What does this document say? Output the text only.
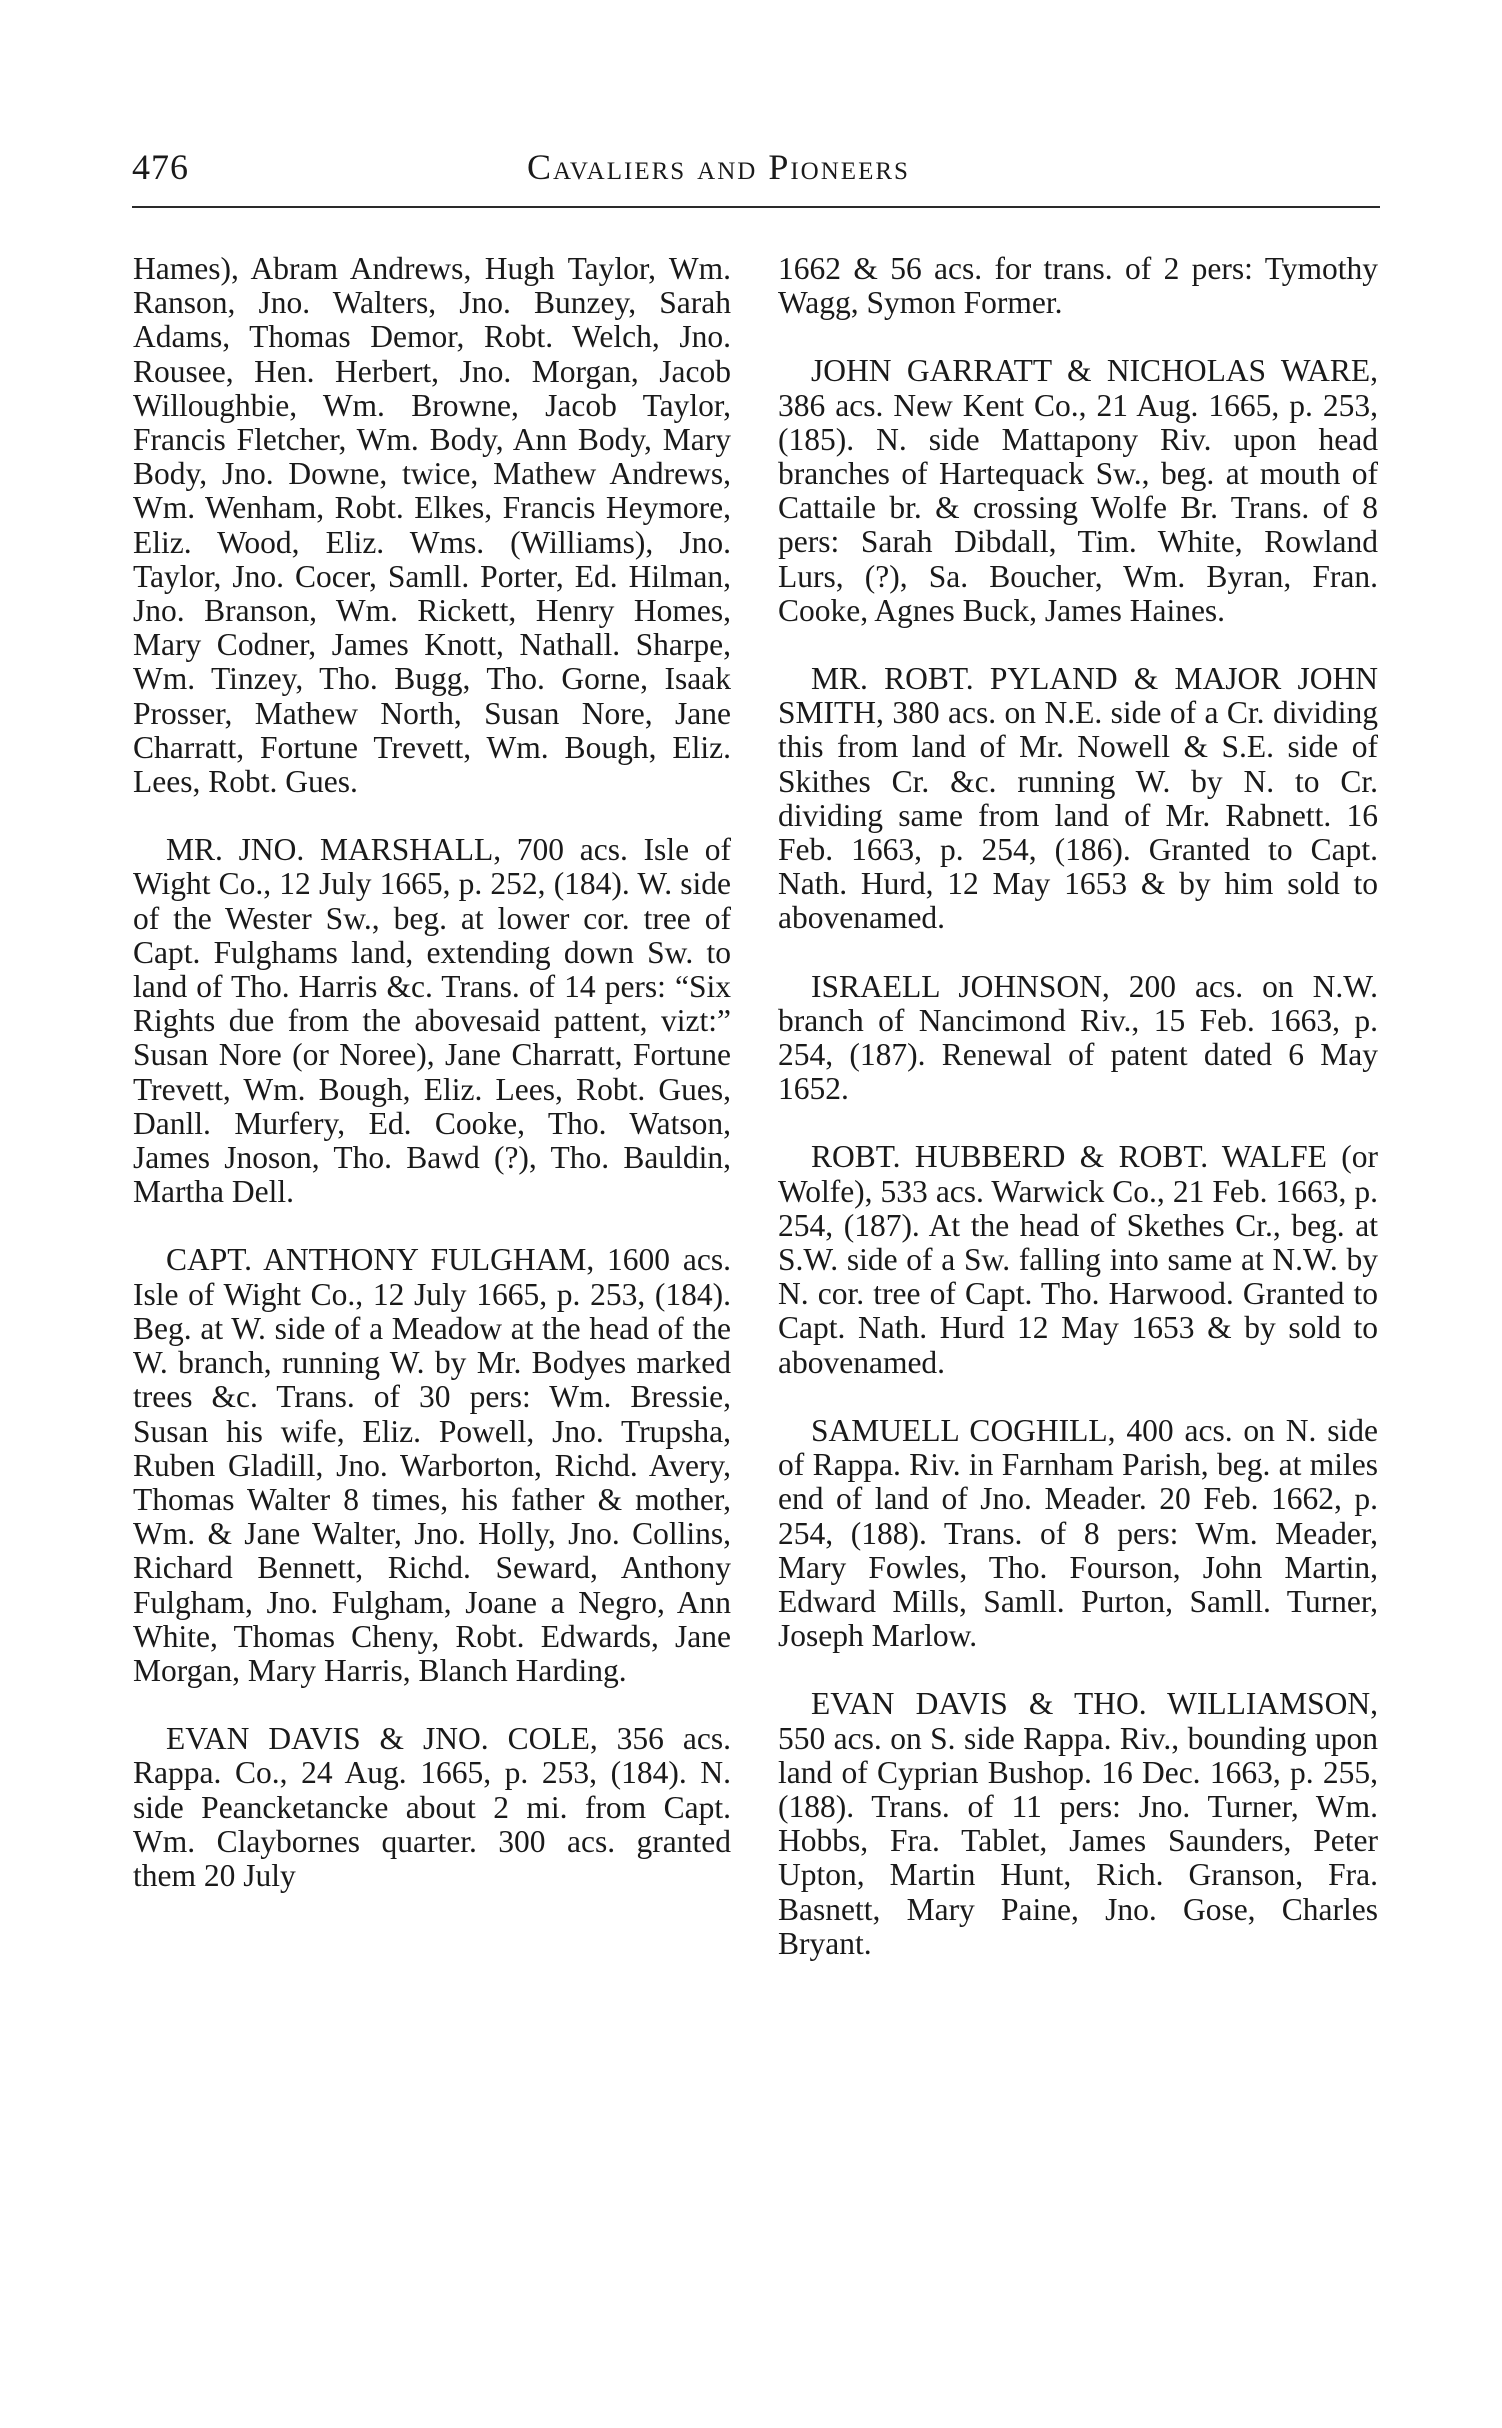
476	Cavaliers and Pioneers

Hames), Abram Andrews, Hugh Taylor, Wm. Ranson, Jno. Walters, Jno. Bunzey, Sarah Adams, Thomas Demor, Robt. Welch, Jno. Rousee, Hen. Herbert, Jno. Morgan, Jacob Willoughbie, Wm. Browne, Jacob Taylor, Francis Fletcher, Wm. Body, Ann Body, Mary Body, Jno. Downe, twice, Mathew Andrews, Wm. Wenham, Robt. Elkes, Francis Heymore, Eliz. Wood, Eliz. Wms. (Williams), Jno. Taylor, Jno. Cocer, Samll. Porter, Ed. Hilman, Jno. Branson, Wm. Rickett, Henry Homes, Mary Codner, James Knott, Nathall. Sharpe, Wm. Tinzey, Tho. Bugg, Tho. Gorne, Isaak Prosser, Mathew North, Susan Nore, Jane Charratt, Fortune Trevett, Wm. Bough, Eliz. Lees, Robt. Gues.

MR. JNO. MARSHALL, 700 acs. Isle of Wight Co., 12 July 1665, p. 252, (184). W. side of the Wester Sw., beg. at lower cor. tree of Capt. Fulghams land, extending down Sw. to land of Tho. Harris &c. Trans. of 14 pers: “Six Rights due from the abovesaid pattent, vizt:” Susan Nore (or Noree), Jane Charratt, Fortune Trevett, Wm. Bough, Eliz. Lees, Robt. Gues, Danll. Murfery, Ed. Cooke, Tho. Watson, James Jnoson, Tho. Bawd (?), Tho. Bauldin, Martha Dell.

CAPT. ANTHONY FULGHAM, 1600 acs. Isle of Wight Co., 12 July 1665, p. 253, (184). Beg. at W. side of a Meadow at the head of the W. branch, running W. by Mr. Bodyes marked trees &c. Trans. of 30 pers: Wm. Bressie, Susan his wife, Eliz. Powell, Jno. Trupsha, Ruben Gladill, Jno. Warborton, Richd. Avery, Thomas Walter 8 times, his father & mother, Wm. & Jane Walter, Jno. Holly, Jno. Collins, Richard Bennett, Richd. Seward, Anthony Fulgham, Jno. Fulgham, Joane a Negro, Ann White, Thomas Cheny, Robt. Edwards, Jane Morgan, Mary Harris, Blanch Harding.

EVAN DAVIS & JNO. COLE, 356 acs. Rappa. Co., 24 Aug. 1665, p. 253, (184). N. side Peancketancke about 2 mi. from Capt. Wm. Claybornes quarter. 300 acs. granted them 20 July

1662 & 56 acs. for trans. of 2 pers: Tymothy Wagg, Symon Former.

JOHN GARRATT & NICHOLAS WARE, 386 acs. New Kent Co., 21 Aug. 1665, p. 253, (185). N. side Mattapony Riv. upon head branches of Hartequack Sw., beg. at mouth of Cattaile br. & crossing Wolfe Br. Trans. of 8 pers: Sarah Dibdall, Tim. White, Rowland Lurs, (?), Sa. Boucher, Wm. Byran, Fran. Cooke, Agnes Buck, James Haines.

MR. ROBT. PYLAND & MAJOR JOHN SMITH, 380 acs. on N.E. side of a Cr. dividing this from land of Mr. Nowell & S.E. side of Skithes Cr. &c. running W. by N. to Cr. dividing same from land of Mr. Rabnett. 16 Feb. 1663, p. 254, (186). Granted to Capt. Nath. Hurd, 12 May 1653 & by him sold to abovenamed.

ISRAELL JOHNSON, 200 acs. on N.W. branch of Nancimond Riv., 15 Feb. 1663, p. 254, (187). Renewal of patent dated 6 May 1652.

ROBT. HUBBERD & ROBT. WALFE (or Wolfe), 533 acs. Warwick Co., 21 Feb. 1663, p. 254, (187). At the head of Skethes Cr., beg. at S.W. side of a Sw. falling into same at N.W. by N. cor. tree of Capt. Tho. Harwood. Granted to Capt. Nath. Hurd 12 May 1653 & by sold to abovenamed.

SAMUELL COGHILL, 400 acs. on N. side of Rappa. Riv. in Farnham Parish, beg. at miles end of land of Jno. Meader. 20 Feb. 1662, p. 254, (188). Trans. of 8 pers: Wm. Meader, Mary Fowles, Tho. Fourson, John Martin, Edward Mills, Samll. Purton, Samll. Turner, Joseph Marlow.

EVAN DAVIS & THO. WILLIAMSON, 550 acs. on S. side Rappa. Riv., bounding upon land of Cyprian Bushop. 16 Dec. 1663, p. 255, (188). Trans. of 11 pers: Jno. Turner, Wm. Hobbs, Fra. Tablet, James Saunders, Peter Upton, Martin Hunt, Rich. Granson, Fra. Basnett, Mary Paine, Jno. Gose, Charles Bryant.
